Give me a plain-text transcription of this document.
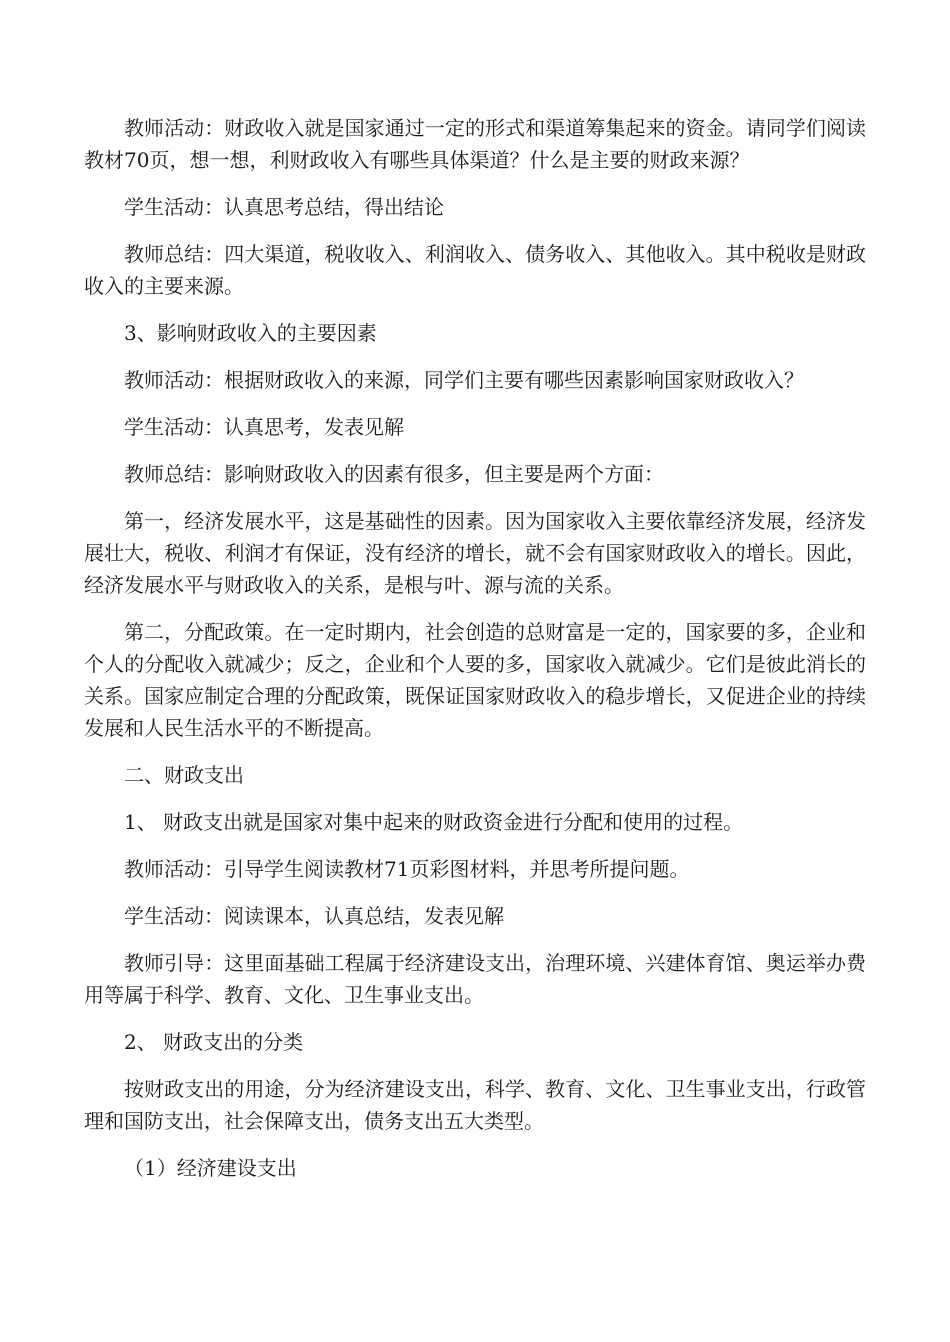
教师活动：财政收入就是国家通过一定的形式和渠道筹集起来的资金。请同学们阅读教材70页，想一想，利财政收入有哪些具体渠道？什么是主要的财政来源？

学生活动：认真思考总结，得出结论

教师总结：四大渠道，税收收入、利润收入、债务收入、其他收入。其中税收是财政收入的主要来源。

3、影响财政收入的主要因素

教师活动：根据财政收入的来源，同学们主要有哪些因素影响国家财政收入？

学生活动：认真思考，发表见解

教师总结：影响财政收入的因素有很多，但主要是两个方面：

第一，经济发展水平，这是基础性的因素。因为国家收入主要依靠经济发展，经济发展壮大，税收、利润才有保证，没有经济的增长，就不会有国家财政收入的增长。因此，经济发展水平与财政收入的关系，是根与叶、源与流的关系。

第二，分配政策。在一定时期内，社会创造的总财富是一定的，国家要的多，企业和个人的分配收入就减少；反之，企业和个人要的多，国家收入就减少。它们是彼此消长的关系。国家应制定合理的分配政策，既保证国家财政收入的稳步增长，又促进企业的持续发展和人民生活水平的不断提高。

二、财政支出

1、 财政支出就是国家对集中起来的财政资金进行分配和使用的过程。

教师活动：引导学生阅读教材71页彩图材料，并思考所提问题。

学生活动：阅读课本，认真总结，发表见解

教师引导：这里面基础工程属于经济建设支出，治理环境、兴建体育馆、奥运举办费用等属于科学、教育、文化、卫生事业支出。

2、 财政支出的分类

按财政支出的用途，分为经济建设支出，科学、教育、文化、卫生事业支出，行政管理和国防支出，社会保障支出，债务支出五大类型。

（1）经济建设支出
